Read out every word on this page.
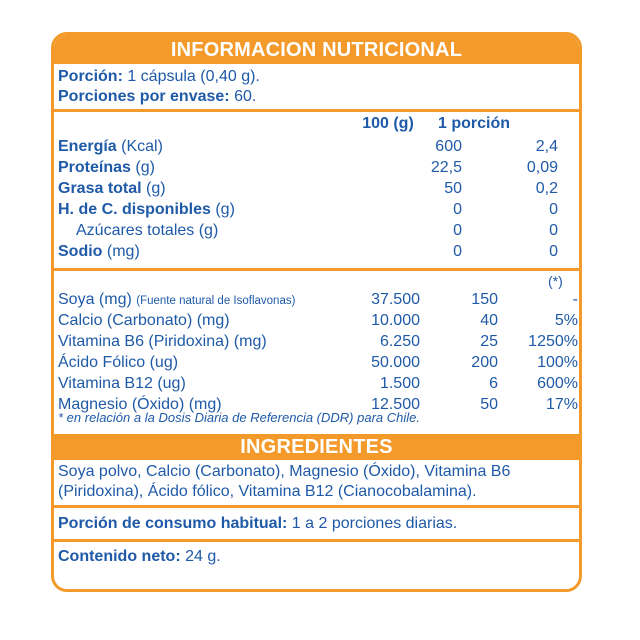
INFORMACION NUTRICIONAL
Porción: 1 cápsula (0,40 g).
Porciones por envase: 60.
100 (g)	1 porción
Energía (Kcal)	600	2,4
Proteínas (g)	22,5	0,09
Grasa total (g)	50	0,2
H. de C. disponibles (g)	0	0
Azúcares totales (g)	0	0
Sodio (mg)	0	0
(*)
Soya (mg) (Fuente natural de Isoflavonas)	37.500	150	-
Calcio (Carbonato) (mg)	10.000	40	5%
Vitamina B6 (Piridoxina) (mg)	6.250	25	1250%
Ácido Fólico (ug)	50.000	200	100%
Vitamina B12 (ug)	1.500	6	600%
Magnesio (Óxido) (mg)	12.500	50	17%
* en relación a la Dosis Diaria de Referencia (DDR) para Chile.
INGREDIENTES
Soya polvo, Calcio (Carbonato), Magnesio (Óxido), Vitamina B6 (Piridoxina), Ácido fólico, Vitamina B12 (Cianocobalamina).
Porción de consumo habitual: 1 a 2 porciones diarias.
Contenido neto: 24 g.
